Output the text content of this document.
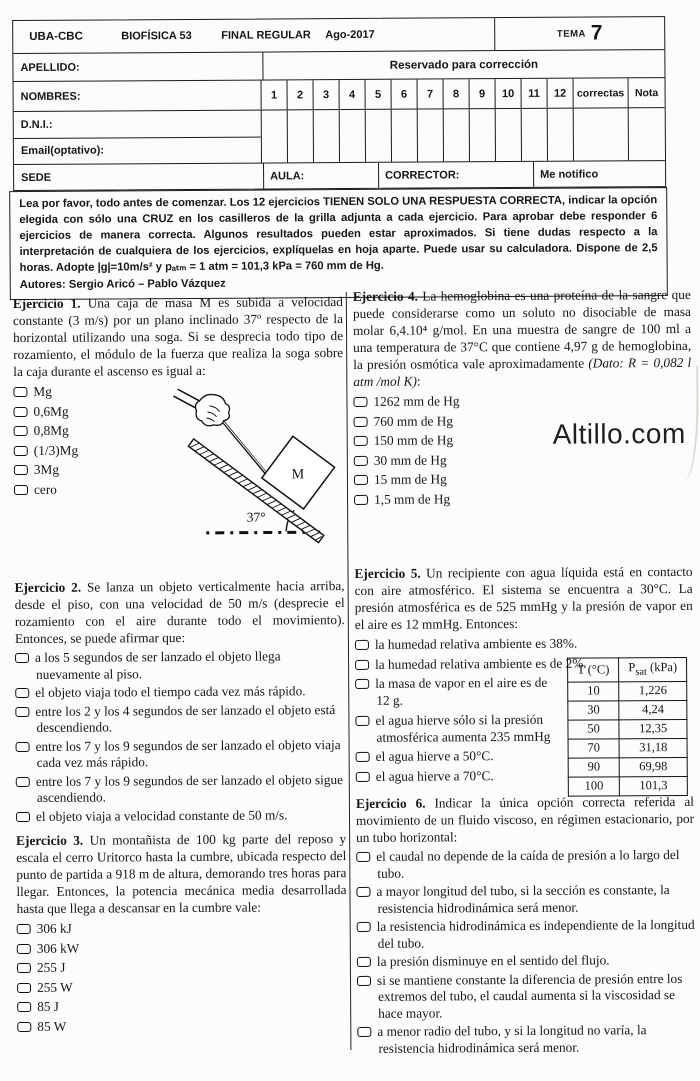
UBA-CBC	BIOFÍSICA 53	FINAL REGULAR	Ago-2017	TEMA 7
APELLIDO:	Reservado para corrección
NOMBRES:	1	2	3	4	5	6	7	8	9	10	11	12	correctas	Nota
D.N.I.:
Email(optativo):
SEDE	AULA:	CORRECTOR:	Me notifico
Lea por favor, todo antes de comenzar. Los 12 ejercicios TIENEN SOLO UNA RESPUESTA CORRECTA, indicar la opción elegida con sólo una CRUZ en los casilleros de la grilla adjunta a cada ejercicio. Para aprobar debe responder 6 ejercicios de manera correcta. Algunos resultados pueden estar aproximados. Si tiene dudas respecto a la interpretación de cualquiera de los ejercicios, explíquelas en hoja aparte. Puede usar su calculadora. Dispone de 2,5 horas. Adopte |g|=10m/s² y pₐₜₘ = 1 atm = 101,3 kPa = 760 mm de Hg.
Autores: Sergio Aricó – Pablo Vázquez

Ejercicio 1. Una caja de masa M es subida a velocidad constante (3 m/s) por un plano inclinado 37º respecto de la horizontal utilizando una soga. Si se desprecia todo tipo de rozamiento, el módulo de la fuerza que realiza la soga sobre la caja durante el ascenso es igual a:

Mg
0,6Mg
0,8Mg
(1/3)Mg
3Mg
cero
M
37°

Ejercicio 2. Se lanza un objeto verticalmente hacia arriba, desde el piso, con una velocidad de 50 m/s (desprecie el rozamiento con el aire durante todo el movimiento). Entonces, se puede afirmar que:

a los 5 segundos de ser lanzado el objeto llega nuevamente al piso.
el objeto viaja todo el tiempo cada vez más rápido.
entre los 2 y los 4 segundos de ser lanzado el objeto está descendiendo.
entre los 7 y los 9 segundos de ser lanzado el objeto viaja cada vez más rápido.
entre los 7 y los 9 segundos de ser lanzado el objeto sigue ascendiendo.
el objeto viaja a velocidad constante de 50 m/s.

Ejercicio 3. Un montañista de 100 kg parte del reposo y escala el cerro Uritorco hasta la cumbre, ubicada respecto del punto de partida a 918 m de altura, demorando tres horas para llegar. Entonces, la potencia mecánica media desarrollada hasta que llega a descansar en la cumbre vale:

306 kJ
306 kW
255 J
255 W
85 J
85 W

Ejercicio 4. La hemoglobina es una proteína de la sangre que puede considerarse como un soluto no disociable de masa molar 6,4.10⁴ g/mol. En una muestra de sangre de 100 ml a una temperatura de 37°C que contiene 4,97 g de hemoglobina, la presión osmótica vale aproximadamente (Dato: R = 0,082 l atm /mol K):

1262 mm de Hg
760 mm de Hg
150 mm de Hg
30 mm de Hg
15 mm de Hg
1,5 mm de Hg

Ejercicio 5. Un recipiente con agua líquida está en contacto con aire atmosférico. El sistema se encuentra a 30°C. La presión atmosférica es de 525 mmHg y la presión de vapor en el aire es 12 mmHg. Entonces:

la humedad relativa ambiente es 38%.
la humedad relativa ambiente es de 2%.
la masa de vapor en el aire es de 12 g.
el agua hierve sólo si la presión atmosférica aumenta 235 mmHg
el agua hierve a 50°C.
el agua hierve a 70°C.
T (°C)	$P_{sat}$ (kPa)
10	1,226
30	4,24
50	12,35
70	31,18
90	69,98
100	101,3

Ejercicio 6. Indicar la única opción correcta referida al movimiento de un fluido viscoso, en régimen estacionario, por un tubo horizontal:

el caudal no depende de la caída de presión a lo largo del tubo.
a mayor longitud del tubo, si la sección es constante, la resistencia hidrodinámica será menor.
la resistencia hidrodinámica es independiente de la longitud del tubo.
la presión disminuye en el sentido del flujo.
si se mantiene constante la diferencia de presión entre los extremos del tubo, el caudal aumenta si la viscosidad se hace mayor.
a menor radio del tubo, y si la longitud no varía, la resistencia hidrodinámica será menor.
Altillo.com
